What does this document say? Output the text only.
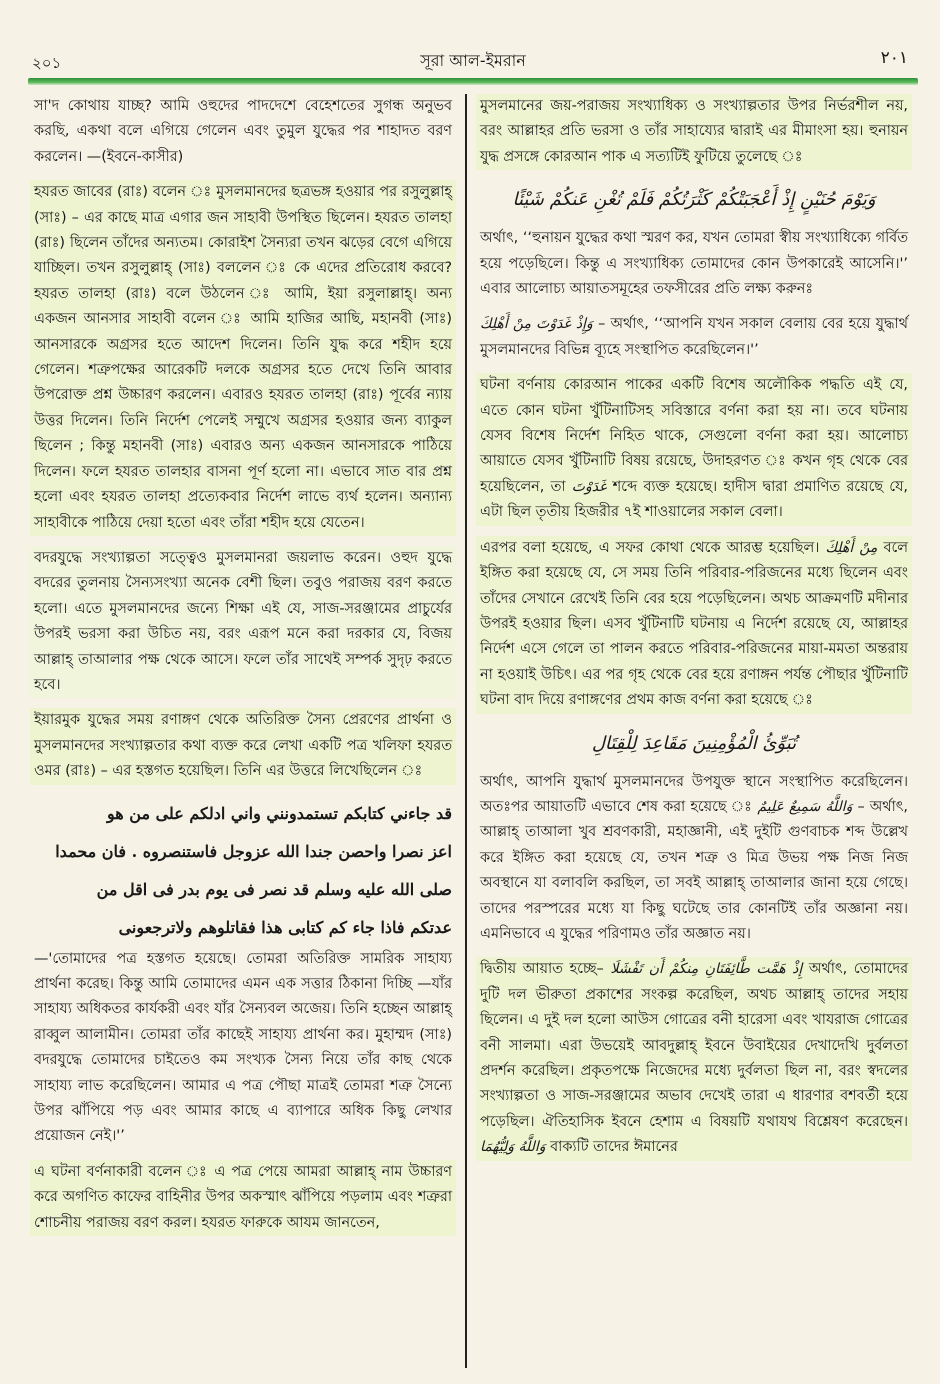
২০১	সূরা আল-ইমরান	۲۰۱

সা'দ কোথায় যাচ্ছ? আমি ওহুদের পাদদেশে বেহেশতের সুগন্ধ অনুভব করছি, একথা বলে এগিয়ে গেলেন এবং তুমুল যুদ্ধের পর শাহাদত বরণ করলেন। —(ইবনে-কাসীর)

হযরত জাবের (রাঃ) বলেন ঃ মুসলমানদের ছত্রভঙ্গ হওয়ার পর রসুলুল্লাহ্ (সাঃ) – এর কাছে মাত্র এগার জন সাহাবী উপস্থিত ছিলেন। হযরত তালহা (রাঃ) ছিলেন তাঁদের অন্যতম। কোরাইশ সৈন্যরা তখন ঝড়ের বেগে এগিয়ে যাচ্ছিল। তখন রসুলুল্লাহ্ (সাঃ) বললেন ঃ কে এদের প্রতিরোধ করবে? হযরত তালহা (রাঃ) বলে উঠলেন ঃ আমি, ইয়া রসুলাল্লাহ্। অন্য একজন আনসার সাহাবী বলেন ঃ আমি হাজির আছি, মহানবী (সাঃ) আনসারকে অগ্রসর হতে আদেশ দিলেন। তিনি যুদ্ধ করে শহীদ হয়ে গেলেন। শত্রুপক্ষের আরেকটি দলকে অগ্রসর হতে দেখে তিনি আবার উপরোক্ত প্রশ্ন উচ্চারণ করলেন। এবারও হযরত তালহা (রাঃ) পূর্বের ন্যায় উত্তর দিলেন। তিনি নির্দেশ পেলেই সম্মুখে অগ্রসর হওয়ার জন্য ব্যাকুল ছিলেন ; কিন্তু মহানবী (সাঃ) এবারও অন্য একজন আনসারকে পাঠিয়ে দিলেন। ফলে হযরত তালহার বাসনা পূর্ণ হলো না। এভাবে সাত বার প্রশ্ন হলো এবং হযরত তালহা প্রত্যেকবার নির্দেশ লাভে ব্যর্থ হলেন। অন্যান্য সাহাবীকে পাঠিয়ে দেয়া হতো এবং তাঁরা শহীদ হয়ে যেতেন।

বদরযুদ্ধে সংখ্যাল্পতা সত্ত্বেও মুসলমানরা জয়লাভ করেন। ওহুদ যুদ্ধে বদরের তুলনায় সৈন্যসংখ্যা অনেক বেশী ছিল। তবুও পরাজয় বরণ করতে হলো। এতে মুসলমানদের জন্যে শিক্ষা এই যে, সাজ-সরঞ্জামের প্রাচুর্যের উপরই ভরসা করা উচিত নয়, বরং এরূপ মনে করা দরকার যে, বিজয় আল্লাহ্ তাআলার পক্ষ থেকে আসে। ফলে তাঁর সাথেই সম্পর্ক সুদৃঢ় করতে হবে।

ইয়ারমুক যুদ্ধের সময় রণাঙ্গণ থেকে অতিরিক্ত সৈন্য প্রেরণের প্রার্থনা ও মুসলমানদের সংখ্যাল্পতার কথা ব্যক্ত করে লেখা একটি পত্র খলিফা হযরত ওমর (রাঃ) – এর হস্তগত হয়েছিল। তিনি এর উত্তরে লিখেছিলেন ঃ

قد جاءني كتابكم تستمدونني واني ادلكم على من هو

اعز نصرا واحصن جندا الله عزوجل فاستنصروه . فان محمدا

صلى الله عليه وسلم قد نصر فى يوم بدر فى اقل من

عدتكم فاذا جاء كم كتابى هذا فقاتلوهم ولاترجعونى

—'তোমাদের পত্র হস্তগত হয়েছে। তোমরা অতিরিক্ত সামরিক সাহায্য প্রার্থনা করেছ। কিন্তু আমি তোমাদের এমন এক সত্তার ঠিকানা দিচ্ছি —যাঁর সাহায্য অধিকতর কার্যকরী এবং যাঁর সৈন্যবল অজেয়। তিনি হচ্ছেন আল্লাহ্ রাব্বুল আলামীন। তোমরা তাঁর কাছেই সাহায্য প্রার্থনা কর। মুহাম্মদ (সাঃ) বদরযুদ্ধে তোমাদের চাইতেও কম সংখ্যক সৈন্য নিয়ে তাঁর কাছ থেকে সাহায্য লাভ করেছিলেন। আমার এ পত্র পৌছা মাত্রই তোমরা শত্রু সৈন্যে উপর ঝাঁপিয়ে পড় এবং আমার কাছে এ ব্যাপারে অধিক কিছু লেখার প্রয়োজন নেই।'’

এ ঘটনা বর্ণনাকারী বলেন ঃ এ পত্র পেয়ে আমরা আল্লাহ্ নাম উচ্চারণ করে অগণিত কাফের বাহিনীর উপর অকস্মাৎ ঝাঁপিয়ে পড়লাম এবং শত্রুরা শোচনীয় পরাজয় বরণ করল। হযরত ফারুকে আযম জানতেন,

মুসলমানের জয়-পরাজয় সংখ্যাধিক্য ও সংখ্যাল্পতার উপর নির্ভরশীল নয়, বরং আল্লাহর প্রতি ভরসা ও তাঁর সাহায্যের দ্বারাই এর মীমাংসা হয়। হুনায়ন যুদ্ধ প্রসঙ্গে কোরআন পাক এ সত্যটিই ফুটিয়ে তুলেছে ঃ

وَيَوْمَ حُنَيْنٍ إِذْ أَعْجَبَتْكُمْ كَثْرَتُكُمْ فَلَمْ تُغْنِ عَنكُمْ شَيْئًا

অর্থাৎ, ‘‘হুনায়ন যুদ্ধের কথা স্মরণ কর, যখন তোমরা স্বীয় সংখ্যাধিক্যে গর্বিত হয়ে পড়েছিলে। কিন্তু এ সংখ্যাধিক্য তোমাদের কোন উপকারেই আসেনি।'’ এবার আলোচ্য আয়াতসমূহের তফসীরের প্রতি লক্ষ্য করুনঃ

وَإِذْ غَدَوْتَ مِنْ أَهْلِكَ – অর্থাৎ, ‘‘আপনি যখন সকাল বেলায় বের হয়ে যুদ্ধার্থ মুসলমানদের বিভিন্ন ব্যূহে সংস্থাপিত করেছিলেন।'’

ঘটনা বর্ণনায় কোরআন পাকের একটি বিশেষ অলৌকিক পদ্ধতি এই যে, এতে কোন ঘটনা খুঁটিনাটিসহ সবিস্তারে বর্ণনা করা হয় না। তবে ঘটনায় যেসব বিশেষ নির্দেশ নিহিত থাকে, সেগুলো বর্ণনা করা হয়। আলোচ্য আয়াতে যেসব খুঁটিনাটি বিষয় রয়েছে, উদাহরণত ঃ কখন গৃহ থেকে বের হয়েছিলেন, তা غَدَوْتَ শব্দে ব্যক্ত হয়েছে। হাদীস দ্বারা প্রমাণিত রয়েছে যে, এটা ছিল তৃতীয় হিজরীর ৭ই শাওয়ালের সকাল বেলা।

এরপর বলা হয়েছে, এ সফর কোথা থেকে আরম্ভ হয়েছিল। مِنْ أَهْلِكَ বলে ইঙ্গিত করা হয়েছে যে, সে সময় তিনি পরিবার-পরিজনের মধ্যে ছিলেন এবং তাঁদের সেখানে রেখেই তিনি বের হয়ে পড়েছিলেন। অথচ আক্রমণটি মদীনার উপরই হওয়ার ছিল। এসব খুঁটিনাটি ঘটনায় এ নির্দেশ রয়েছে যে, আল্লাহর নির্দেশ এসে গেলে তা পালন করতে পরিবার-পরিজনের মায়া-মমতা অন্তরায় না হওয়াই উচিৎ। এর পর গৃহ থেকে বের হয়ে রণাঙ্গন পর্যন্ত পৌছার খুঁটিনাটি ঘটনা বাদ দিয়ে রণাঙ্গণের প্রথম কাজ বর্ণনা করা হয়েছে ঃ

تُبَوِّئُ الْمُؤْمِنِينَ مَقَاعِدَ لِلْقِتَالِ

অর্থাৎ, আপনি যুদ্ধার্থ মুসলমানদের উপযুক্ত স্থানে সংস্থাপিত করেছিলেন। অতঃপর আয়াতটি এভাবে শেষ করা হয়েছে ঃ وَاللَّهُ سَمِيعٌ عَلِيمٌ – অর্থাৎ, আল্লাহ্ তাআলা খুব শ্রবণকারী, মহাজ্ঞানী, এই দুইটি গুণবাচক শব্দ উল্লেখ করে ইঙ্গিত করা হয়েছে যে, তখন শত্রু ও মিত্র উভয় পক্ষ নিজ নিজ অবস্থানে যা বলাবলি করছিল, তা সবই আল্লাহ্ তাআলার জানা হয়ে গেছে। তাদের পরস্পরের মধ্যে যা কিছু ঘটেছে তার কোনটিই তাঁর অজ্ঞানা নয়। এমনিভাবে এ যুদ্ধের পরিণামও তাঁর অজ্ঞাত নয়।

দ্বিতীয় আয়াত হচ্ছে– إِذْ هَمَّت طَّائِفَتَانِ مِنكُمْ أَن تَفْشَلَا অর্থাৎ, তোমাদের দুটি দল ভীরুতা প্রকাশের সংকল্প করেছিল, অথচ আল্লাহ্ তাদের সহায় ছিলেন। এ দুই দল হলো আউস গোত্রের বনী হারেসা এবং খাযরাজ গোত্রের বনী সালমা। এরা উভয়েই আবদুল্লাহ্ ইবনে উবাইয়ের দেখাদেখি দুর্বলতা প্রদর্শন করেছিল। প্রকৃতপক্ষে নিজেদের মধ্যে দুর্বলতা ছিল না, বরং স্বদলের সংখ্যাল্পতা ও সাজ-সরঞ্জামের অভাব দেখেই তারা এ ধারণার বশবর্তী হয়ে পড়েছিল। ঐতিহাসিক ইবনে হেশাম এ বিষয়টি যথাযথ বিশ্লেষণ করেছেন। وَاللَّهُ وَلِيُّهُمَا বাক্যটি তাদের ঈমানের
